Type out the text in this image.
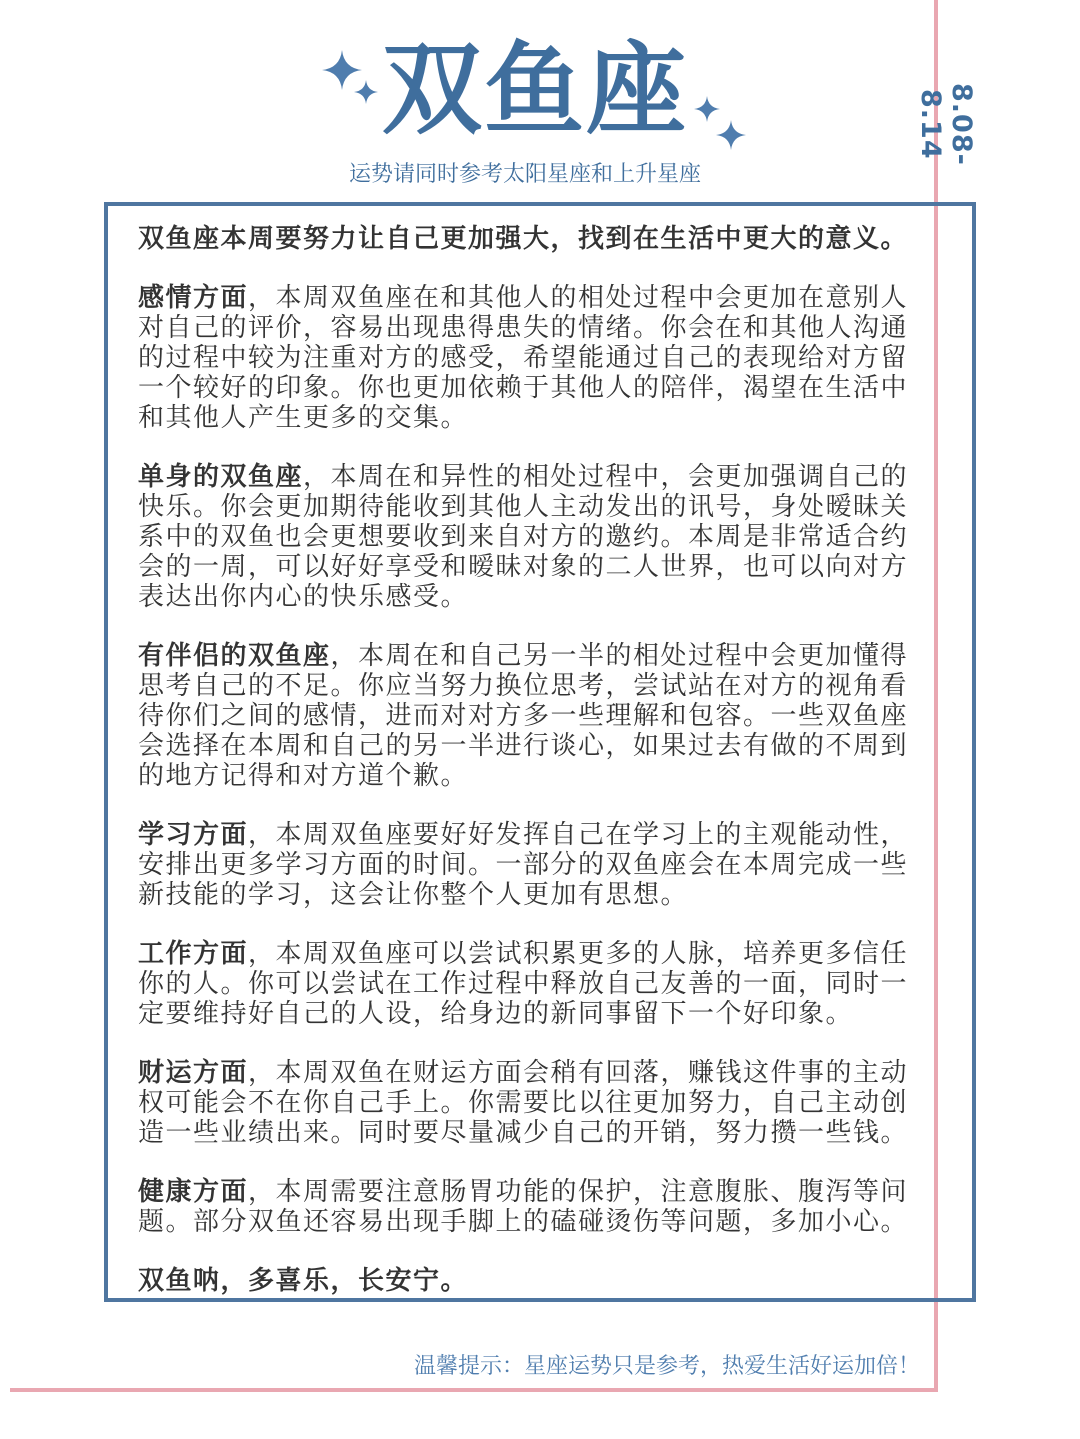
8.08-8.14
双鱼座
运势请同时参考太阳星座和上升星座

双鱼座本周要努力让自己更加强大，找到在生活中更大的意义。

感情方面，本周双鱼座在和其他人的相处过程中会更加在意别人对自己的评价，容易出现患得患失的情绪。你会在和其他人沟通的过程中较为注重对方的感受，希望能通过自己的表现给对方留一个较好的印象。你也更加依赖于其他人的陪伴，渴望在生活中和其他人产生更多的交集。

单身的双鱼座，本周在和异性的相处过程中，会更加强调自己的快乐。你会更加期待能收到其他人主动发出的讯号，身处暧昧关系中的双鱼也会更想要收到来自对方的邀约。本周是非常适合约会的一周，可以好好享受和暧昧对象的二人世界，也可以向对方表达出你内心的快乐感受。

有伴侣的双鱼座，本周在和自己另一半的相处过程中会更加懂得思考自己的不足。你应当努力换位思考，尝试站在对方的视角看待你们之间的感情，进而对对方多一些理解和包容。一些双鱼座会选择在本周和自己的另一半进行谈心，如果过去有做的不周到的地方记得和对方道个歉。

学习方面，本周双鱼座要好好发挥自己在学习上的主观能动性，安排出更多学习方面的时间。一部分的双鱼座会在本周完成一些新技能的学习，这会让你整个人更加有思想。

工作方面，本周双鱼座可以尝试积累更多的人脉，培养更多信任你的人。你可以尝试在工作过程中释放自己友善的一面，同时一定要维持好自己的人设，给身边的新同事留下一个好印象。

财运方面，本周双鱼在财运方面会稍有回落，赚钱这件事的主动权可能会不在你自己手上。你需要比以往更加努力，自己主动创造一些业绩出来。同时要尽量减少自己的开销，努力攒一些钱。

健康方面，本周需要注意肠胃功能的保护，注意腹胀、腹泻等问题。部分双鱼还容易出现手脚上的磕碰烫伤等问题，多加小心。

双鱼呐，多喜乐，长安宁。

温馨提示：星座运势只是参考，热爱生活好运加倍！
